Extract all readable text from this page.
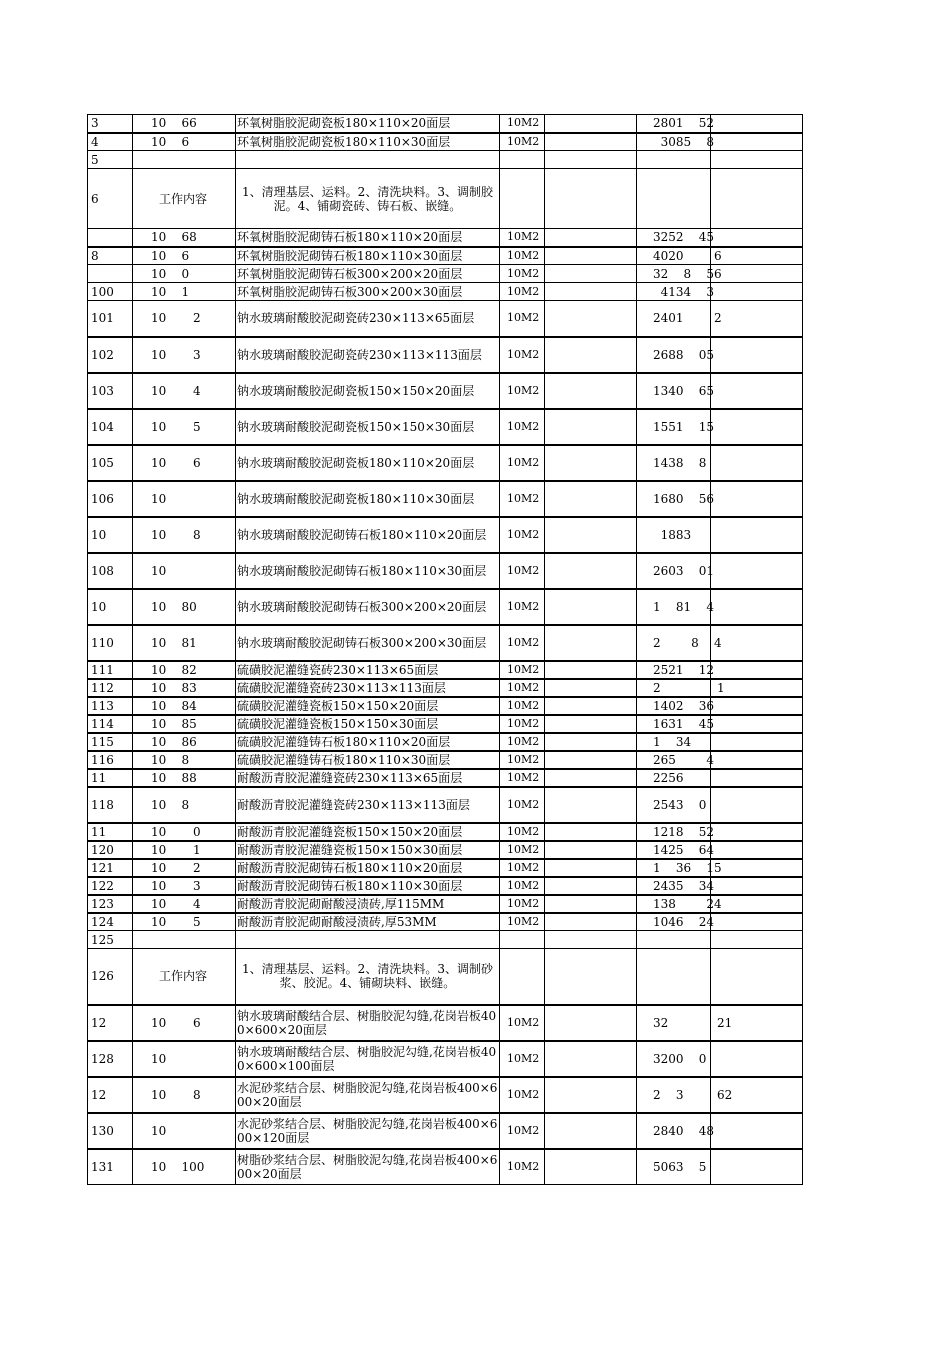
3	10    66	环氧树脂胶泥砌瓷板180×110×20面层	10M2		2801    52	
4	10    6	环氧树脂胶泥砌瓷板180×110×30面层	10M2		3085    8	
5						
6	工作内容	1、清理基层、运料。2、清洗块料。3、调制胶泥。4、铺砌瓷砖、铸石板、嵌缝。				
	10    68	环氧树脂胶泥砌铸石板180×110×20面层	10M2		3252    45	
8	10    6	环氧树脂胶泥砌铸石板180×110×30面层	10M2		4020        6	
	10    0	环氧树脂胶泥砌铸石板300×200×20面层	10M2		32    8    56	
100	10    1	环氧树脂胶泥砌铸石板300×200×30面层	10M2		4134    3	
101	10       2	钠水玻璃耐酸胶泥砌瓷砖230×113×65面层	10M2		2401        2	
102	10       3	钠水玻璃耐酸胶泥砌瓷砖230×113×113面层	10M2		2688    05	
103	10       4	钠水玻璃耐酸胶泥砌瓷板150×150×20面层	10M2		1340    65	
104	10       5	钠水玻璃耐酸胶泥砌瓷板150×150×30面层	10M2		1551    15	
105	10       6	钠水玻璃耐酸胶泥砌瓷板180×110×20面层	10M2		1438    8	
106	10	钠水玻璃耐酸胶泥砌瓷板180×110×30面层	10M2		1680    56	
10	10       8	钠水玻璃耐酸胶泥砌铸石板180×110×20面层	10M2		1883	
108	10	钠水玻璃耐酸胶泥砌铸石板180×110×30面层	10M2		2603    01	
10	10    80	钠水玻璃耐酸胶泥砌铸石板300×200×20面层	10M2		1    81    4	
110	10    81	钠水玻璃耐酸胶泥砌铸石板300×200×30面层	10M2		2        8    4	
111	10    82	硫磺胶泥灌缝瓷砖230×113×65面层	10M2		2521    12	
112	10    83	硫磺胶泥灌缝瓷砖230×113×113面层	10M2		2	1
113	10    84	硫磺胶泥灌缝瓷板150×150×20面层	10M2		1402    36	
114	10    85	硫磺胶泥灌缝瓷板150×150×30面层	10M2		1631    45	
115	10    86	硫磺胶泥灌缝铸石板180×110×20面层	10M2		1    34	
116	10    8	硫磺胶泥灌缝铸石板180×110×30面层	10M2		265        4	
11	10    88	耐酸沥青胶泥灌缝瓷砖230×113×65面层	10M2		2256	
118	10    8	耐酸沥青胶泥灌缝瓷砖230×113×113面层	10M2		2543    0	
11	10       0	耐酸沥青胶泥灌缝瓷板150×150×20面层	10M2		1218    52	
120	10       1	耐酸沥青胶泥灌缝瓷板150×150×30面层	10M2		1425    64	
121	10       2	耐酸沥青胶泥砌铸石板180×110×20面层	10M2		1    36    15	
122	10       3	耐酸沥青胶泥砌铸石板180×110×30面层	10M2		2435    34	
123	10       4	耐酸沥青胶泥砌耐酸浸渍砖,厚115MM	10M2		138        24	
124	10       5	耐酸沥青胶泥砌耐酸浸渍砖,厚53MM	10M2		1046    24	
125						
126	工作内容	1、清理基层、运料。2、清洗块料。3、调制砂浆、胶泥。4、铺砌块料、嵌缝。				
12	10       6	钠水玻璃耐酸结合层、树脂胶泥勾缝,花岗岩板400×600×20面层	10M2		32	21
128	10	钠水玻璃耐酸结合层、树脂胶泥勾缝,花岗岩板400×600×100面层	10M2		3200    0	
12	10       8	水泥砂浆结合层、树脂胶泥勾缝,花岗岩板400×600×20面层	10M2		2    3	62
130	10	水泥砂浆结合层、树脂胶泥勾缝,花岗岩板400×600×120面层	10M2		2840    48	
131	10    100	树脂砂浆结合层、树脂胶泥勾缝,花岗岩板400×600×20面层	10M2		5063    5	
